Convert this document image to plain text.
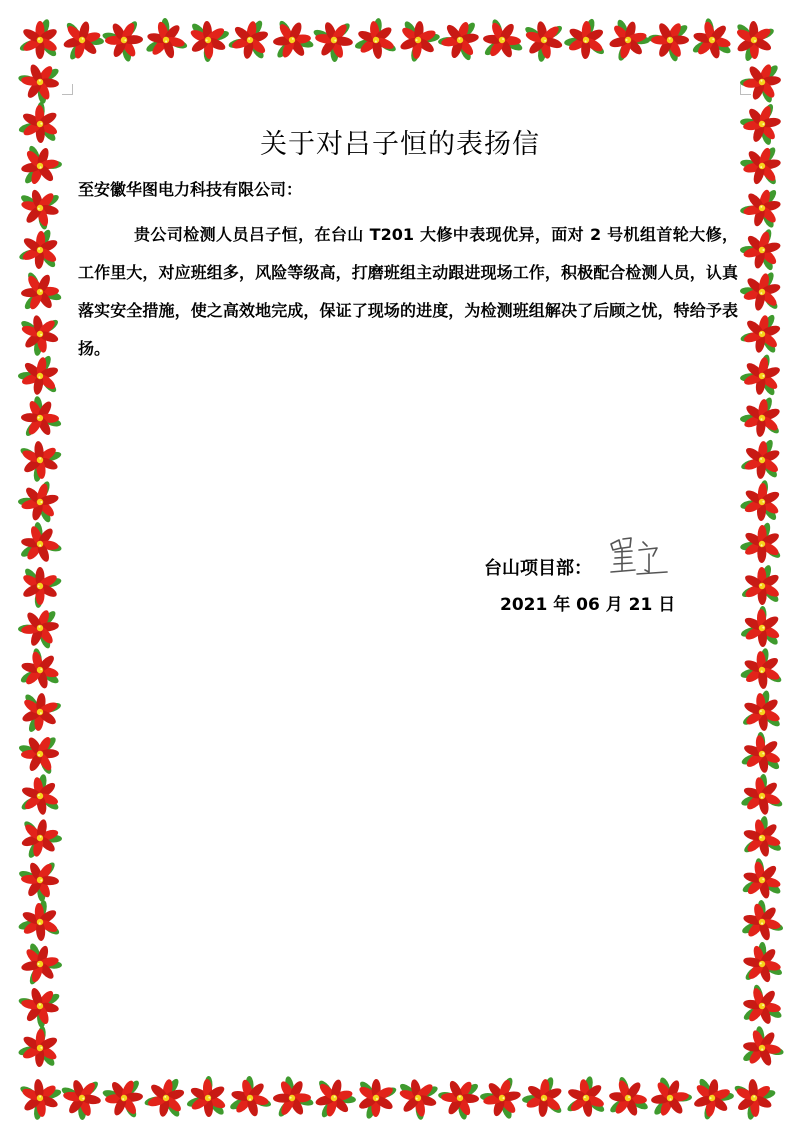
关于对吕子恒的表扬信
至安徽华图电力科技有限公司：
贵公司检测人员吕子恒，在台山 T201 大修中表现优异，面对 2 号机组首轮大修，工作里大，对应班组多，风险等级高，打磨班组主动跟进现场工作，积极配合检测人员，认真落实安全措施，使之高效地完成，保证了现场的进度，为检测班组解决了后顾之忧，特给予表扬。
台山项目部：
2021 年 06 月 21 日
